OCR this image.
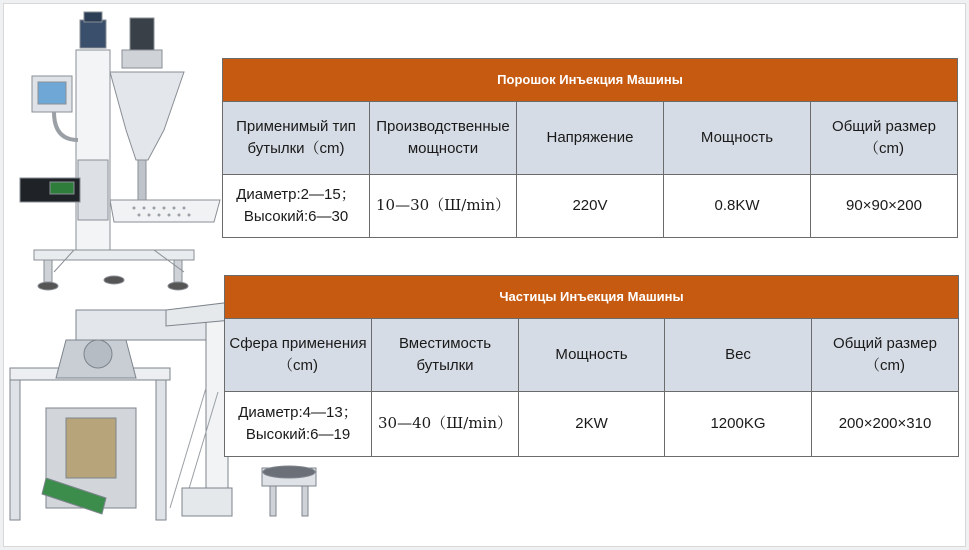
Порошок Инъекция Машины				
Применимый тип бутылки（cm)	Производственные мощности	Напряжение	Мощность	Общий размер（cm)
Диаметр:2—15；Высокий:6—30	10—30（Ш/min）	220V	0.8KW	90×90×200
Частицы Инъекция Машины				
Сфера применения（cm)	Вместимость бутылки	Мощность	Вес	Общий размер（cm)
Диаметр:4—13；Высокий:6—19	30—40（Ш/min）	2KW	1200KG	200×200×310
